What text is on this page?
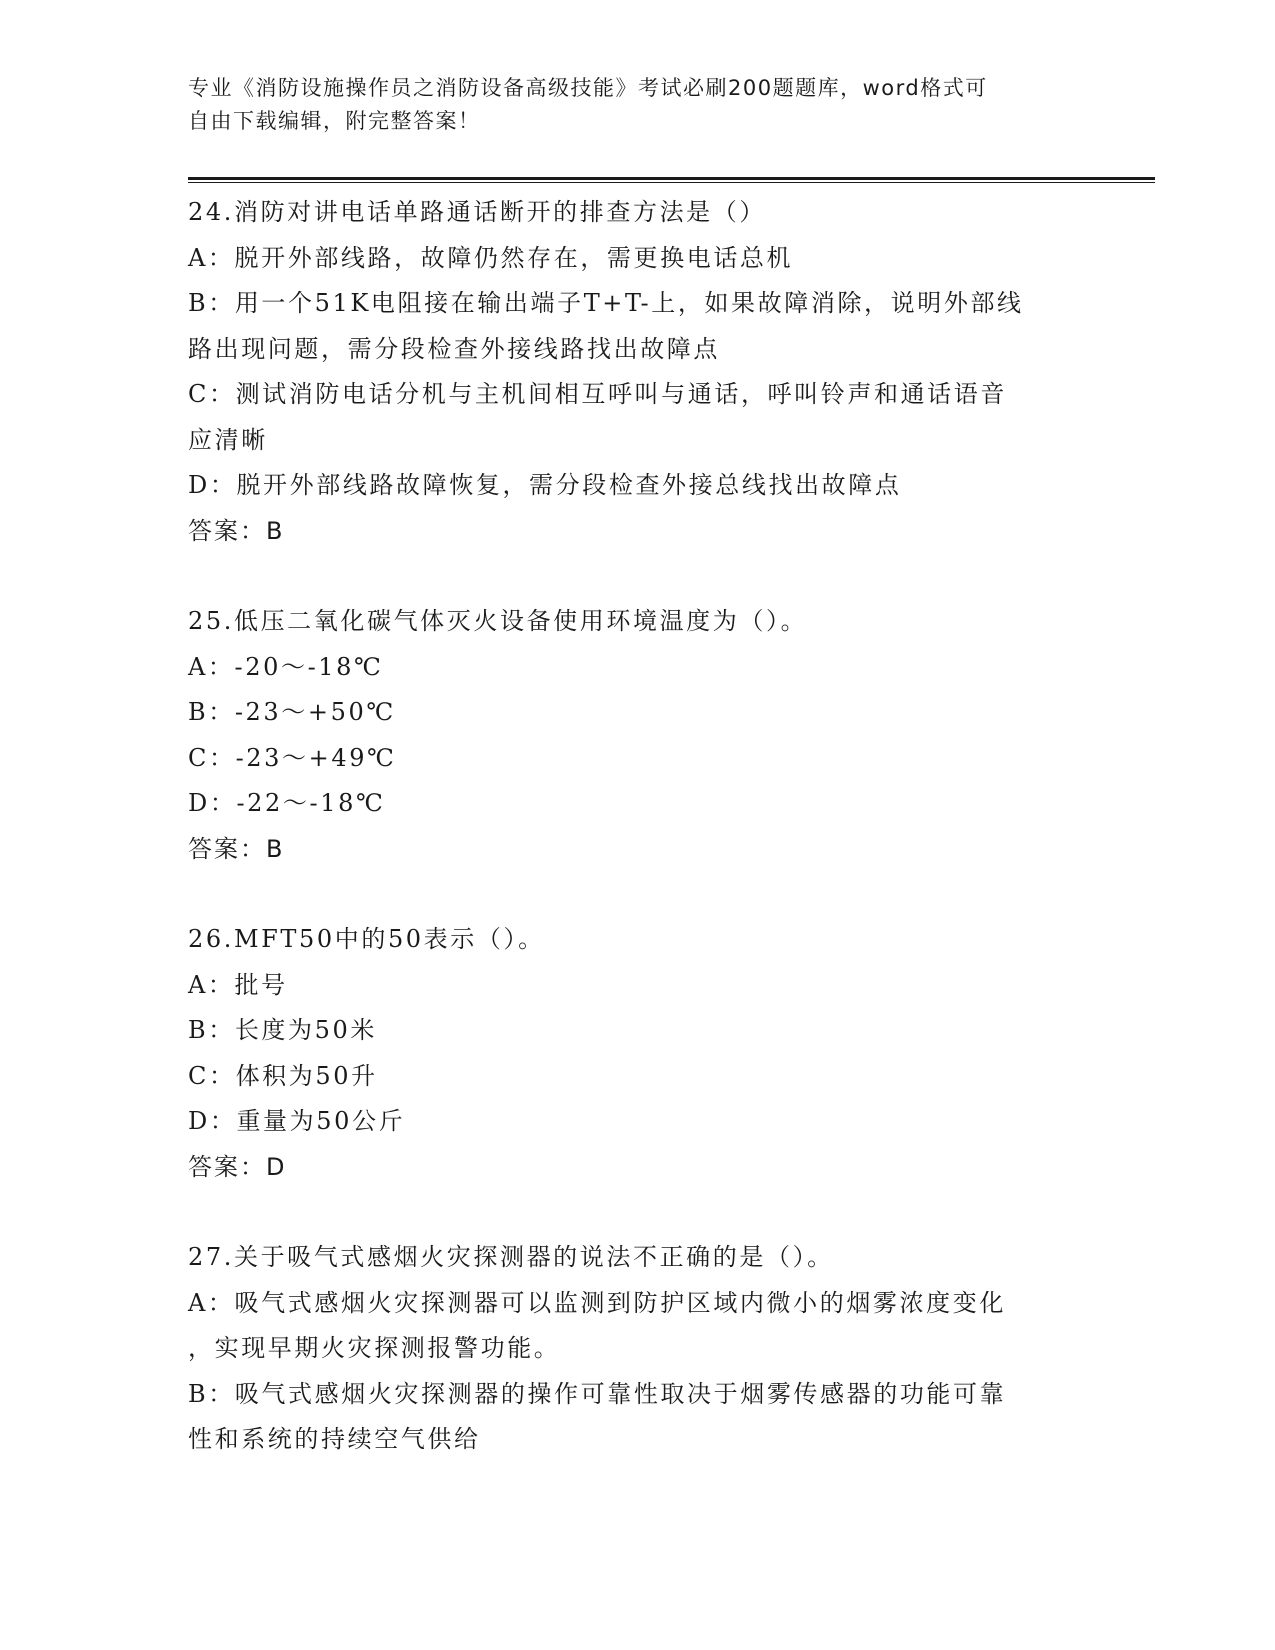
专业《消防设施操作员之消防设备高级技能》考试必刷200题题库，word格式可
自由下载编辑，附完整答案！
24.消防对讲电话单路通话断开的排查方法是（）
A：脱开外部线路，故障仍然存在，需更换电话总机
B：用一个51K电阻接在输出端子T+T-上，如果故障消除，说明外部线
路出现问题，需分段检查外接线路找出故障点
C：测试消防电话分机与主机间相互呼叫与通话，呼叫铃声和通话语音
应清晰
D：脱开外部线路故障恢复，需分段检查外接总线找出故障点
答案：B
25.低压二氧化碳气体灭火设备使用环境温度为（）。
A：-20～-18℃
B：-23～+50℃
C：-23～+49℃
D：-22～-18℃
答案：B
26.MFT50中的50表示（）。
A：批号
B：长度为50米
C：体积为50升
D：重量为50公斤
答案：D
27.关于吸气式感烟火灾探测器的说法不正确的是（）。
A：吸气式感烟火灾探测器可以监测到防护区域内微小的烟雾浓度变化
，实现早期火灾探测报警功能。
B：吸气式感烟火灾探测器的操作可靠性取决于烟雾传感器的功能可靠
性和系统的持续空气供给
